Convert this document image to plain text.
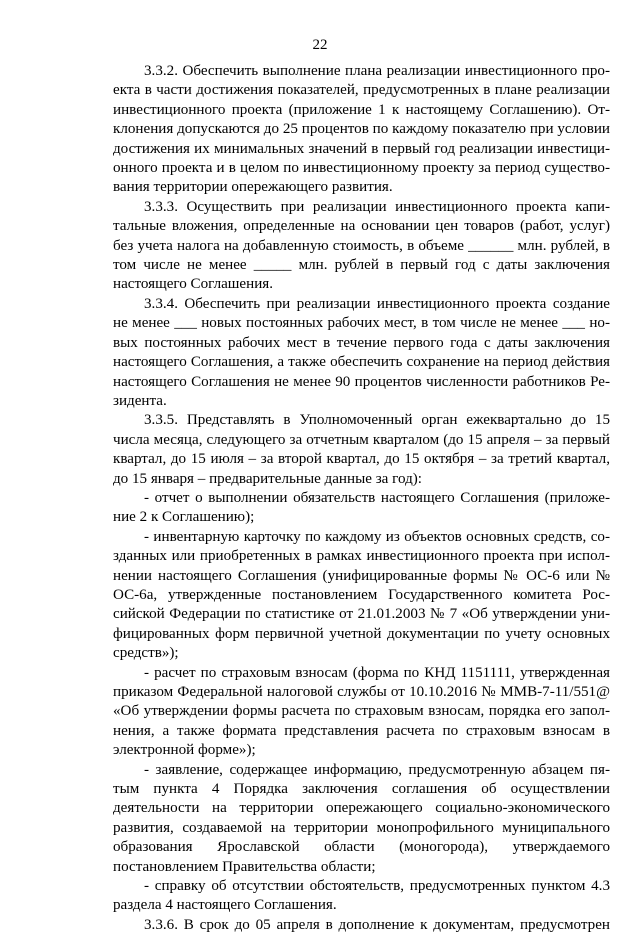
22

3.3.2. Обеспечить выполнение плана реализации инвестиционного проекта в части достижения показателей, предусмотренных в плане реализации инвестиционного проекта (приложение 1 к настоящему Соглашению). Отклонения допускаются до 25 процентов по каждому показателю при условии достижения их минимальных значений в первый год реализации инвестиционного проекта и в целом по инвестиционному проекту за период существования территории опережающего развития.

3.3.3. Осуществить при реализации инвестиционного проекта капитальные вложения, определенные на основании цен товаров (работ, услуг) без учета налога на добавленную стоимость, в объеме ______ млн. рублей, в том числе не менее _____ млн. рублей в первый год с даты заключения настоящего Соглашения.

3.3.4. Обеспечить при реализации инвестиционного проекта создание не менее ___ новых постоянных рабочих мест, в том числе не менее ___ новых постоянных рабочих мест в течение первого года с даты заключения настоящего Соглашения, а также обеспечить сохранение на период действия настоящего Соглашения не менее 90 процентов численности работников Резидента.

3.3.5. Представлять в Уполномоченный орган ежеквартально до 15 числа месяца, следующего за отчетным кварталом (до 15 апреля – за первый квартал, до 15 июля – за второй квартал, до 15 октября – за третий квартал, до 15 января – предварительные данные за год):

- отчет о выполнении обязательств настоящего Соглашения (приложение 2 к Соглашению);

- инвентарную карточку по каждому из объектов основных средств, созданных или приобретенных в рамках инвестиционного проекта при исполнении настоящего Соглашения (унифицированные формы № ОС-6 или № ОС-6а, утвержденные постановлением Государственного комитета Российской Федерации по статистике от 21.01.2003 № 7 «Об утверждении унифицированных форм первичной учетной документации по учету основных средств»);

- расчет по страховым взносам (форма по КНД 1151111, утвержденная приказом Федеральной налоговой службы от 10.10.2016 № ММВ-7-11/551@ «Об утверждении формы расчета по страховым взносам, порядка его заполнения, а также формата представления расчета по страховым взносам в электронной форме»);

- заявление, содержащее информацию, предусмотренную абзацем пятым пункта 4 Порядка заключения соглашения об осуществлении деятельности на территории опережающего социально-экономического развития, создаваемой на территории монопрофильного муниципального образования Ярославской области (моногорода), утверждаемого постановлением Правительства области;

- справку об отсутствии обстоятельств, предусмотренных пунктом 4.3 раздела 4 настоящего Соглашения.

3.3.6. В срок до 05 апреля в дополнение к документам, предусмотрен
